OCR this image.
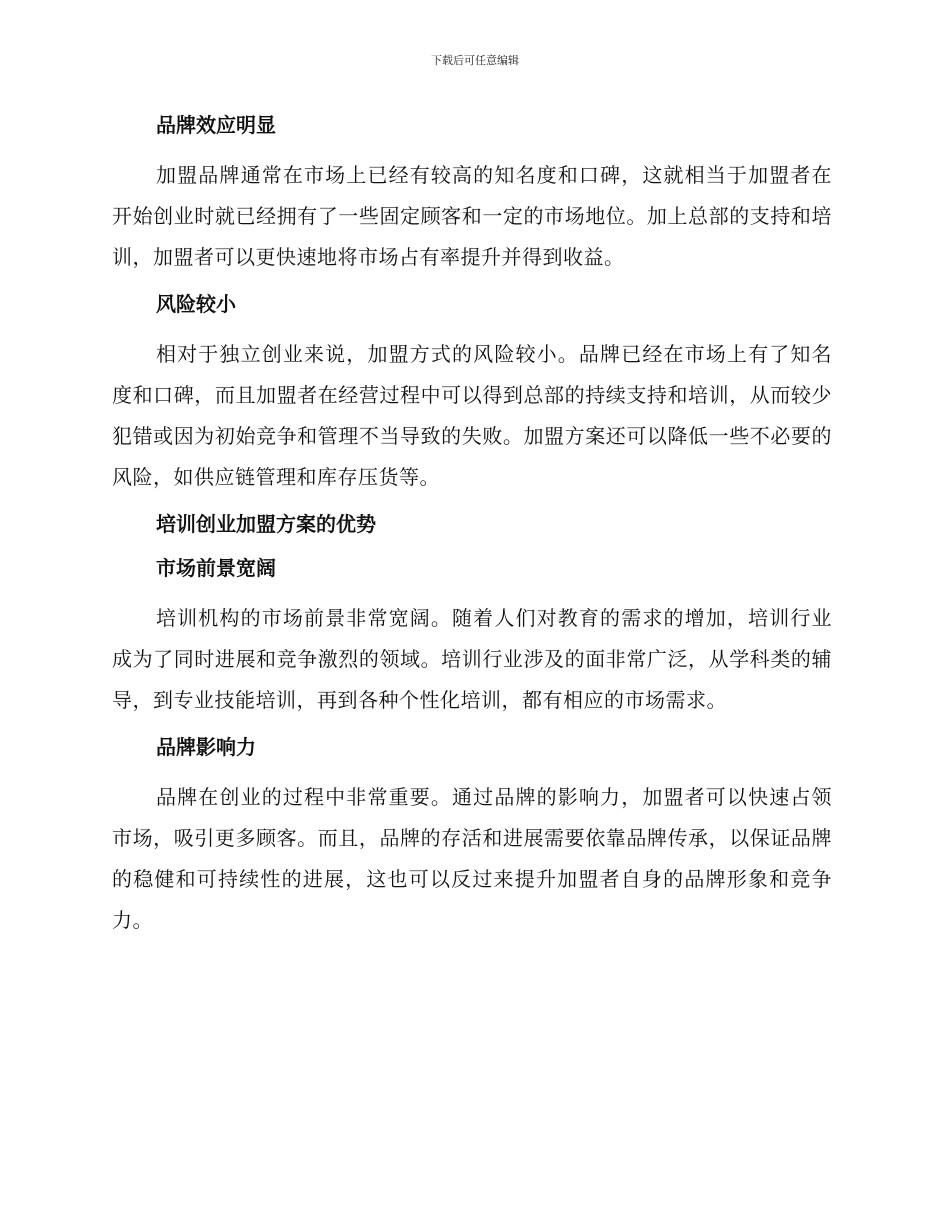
下载后可任意编辑
品牌效应明显

加盟品牌通常在市场上已经有较高的知名度和口碑，这就相当于加盟者在开始创业时就已经拥有了一些固定顾客和一定的市场地位。加上总部的支持和培训，加盟者可以更快速地将市场占有率提升并得到收益。

风险较小

相对于独立创业来说，加盟方式的风险较小。品牌已经在市场上有了知名度和口碑，而且加盟者在经营过程中可以得到总部的持续支持和培训，从而较少犯错或因为初始竞争和管理不当导致的失败。加盟方案还可以降低一些不必要的风险，如供应链管理和库存压货等。

培训创业加盟方案的优势
市场前景宽阔

培训机构的市场前景非常宽阔。随着人们对教育的需求的增加，培训行业成为了同时进展和竞争激烈的领域。培训行业涉及的面非常广泛，从学科类的辅导，到专业技能培训，再到各种个性化培训，都有相应的市场需求。

品牌影响力

品牌在创业的过程中非常重要。通过品牌的影响力，加盟者可以快速占领市场，吸引更多顾客。而且，品牌的存活和进展需要依靠品牌传承，以保证品牌的稳健和可持续性的进展，这也可以反过来提升加盟者自身的品牌形象和竞争力。
